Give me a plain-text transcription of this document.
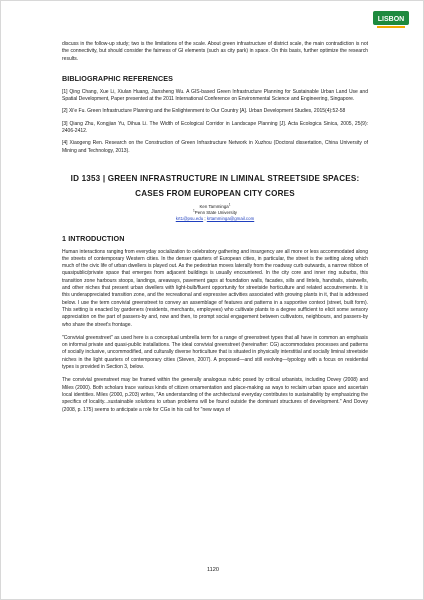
LISBON

discuss in the follow-up study; two is the limitations of the scale. About green infrastructure of district scale, the main contradiction is not the connectivity, but should consider the fairness of GI elements (such as city park) in space. On this basis, further optimize the research results.

BIBLIOGRAPHIC REFERENCES

[1] Qing Chang, Xue Li, Xiulan Huang, Jiansheng Wu. A GIS-based Green Infrastructure Planning for Sustainable Urban Land Use and Spatial Development, Paper presented at the 2011 International Conference on Environmental Science and Engineering, Singapore.

[2] Xi'e Fu. Green Infrastructure Planning and the Enlightenment to Our Country [A]. Urban Development Studies, 2015(4):52-58

[3] Qiang Zhu, Kongjian Yu, Dihua Li. The Width of Ecological Corridor in Landscape Planning [J]. Acta Ecologica Sinica, 2005, 25(9): 2406-2412.

[4] Xiaogeng Ren. Research on the Construction of Green Infrastructure Network in Xuzhou (Doctoral dissertation, China University of Mining and Technology, 2013).

ID 1353 | GREEN INFRASTRUCTURE IN LIMINAL STREETSIDE SPACES:
CASES FROM EUROPEAN CITY CORES
Ken Tamminga$^1$
$^1$Penn State University
krt1@psu.edu ; krtamminga@gmail.com
1 INTRODUCTION

Human interactions ranging from everyday socialization to celebratory gathering and insurgency are all more or less accommodated along the streets of contemporary Western cities. In the denser quarters of European cities, in particular, the street is the setting along which much of the civic life of urban dwellers is played out. As the pedestrian moves laterally from the roadway curb outwards, a narrow ribbon of quasipublic/private space that emerges from adjacent buildings is usually encountered. In the city core and inner ring suburbs, this transition zone harbours stoops, landings, areaways, pavement gaps at foundation walls, facades, sills and lintels, handrails, stairwells, and other niches that present urban dwellers with light-bulb/fluent opportunity for streetside horticulture and related accoutrements. It is this underappreciated transition zone, and the recreational and expressive activities associated with growing plants in it, that is addressed below. I use the term convivial greenstreet to convey an assemblage of features and patterns in a supportive context (street, built form). This setting is enacted by gardeners (residents, merchants, employees) who cultivate plants to a degree sufficient to elicit some sensory appreciation on the part of passers-by and, now and then, to prompt social engagement between cultivators, neighbours, and passers-by who share the street's frontage.

"Convivial greenstreet" as used here is a conceptual umbrella term for a range of greenstreet types that all have in common an emphasis on informal private and quasi-public installations. The ideal convivial greenstreet (hereinafter: CG) accommodates processes and patterns of socially inclusive, uncommodified, and culturally diverse horticulture that is situated in physically interstitial and socially liminal streetside niches in the light quarters of contemporary cities (Steven, 2007). A proposed—and still evolving—typology with a focus on residential types is provided in Section 3, below.

The convivial greenstreet may be framed within the generally analogous rubric posed by critical urbanists, including Dovey (2008) and Miles (2000). Both scholars trace various kinds of citizen ornamentation and place-making as ways to reclaim urban space and ascertain local identities. Miles (2000, p.203) writes, "An understanding of the architectural everyday contributes to sustainability by emphasizing the specifics of locality...sustainable solutions to urban problems will be found outside the dominant structures of development." And Dovey (2008, p. 175) seems to anticipate a role for CGs in his call for "new ways of

1120
